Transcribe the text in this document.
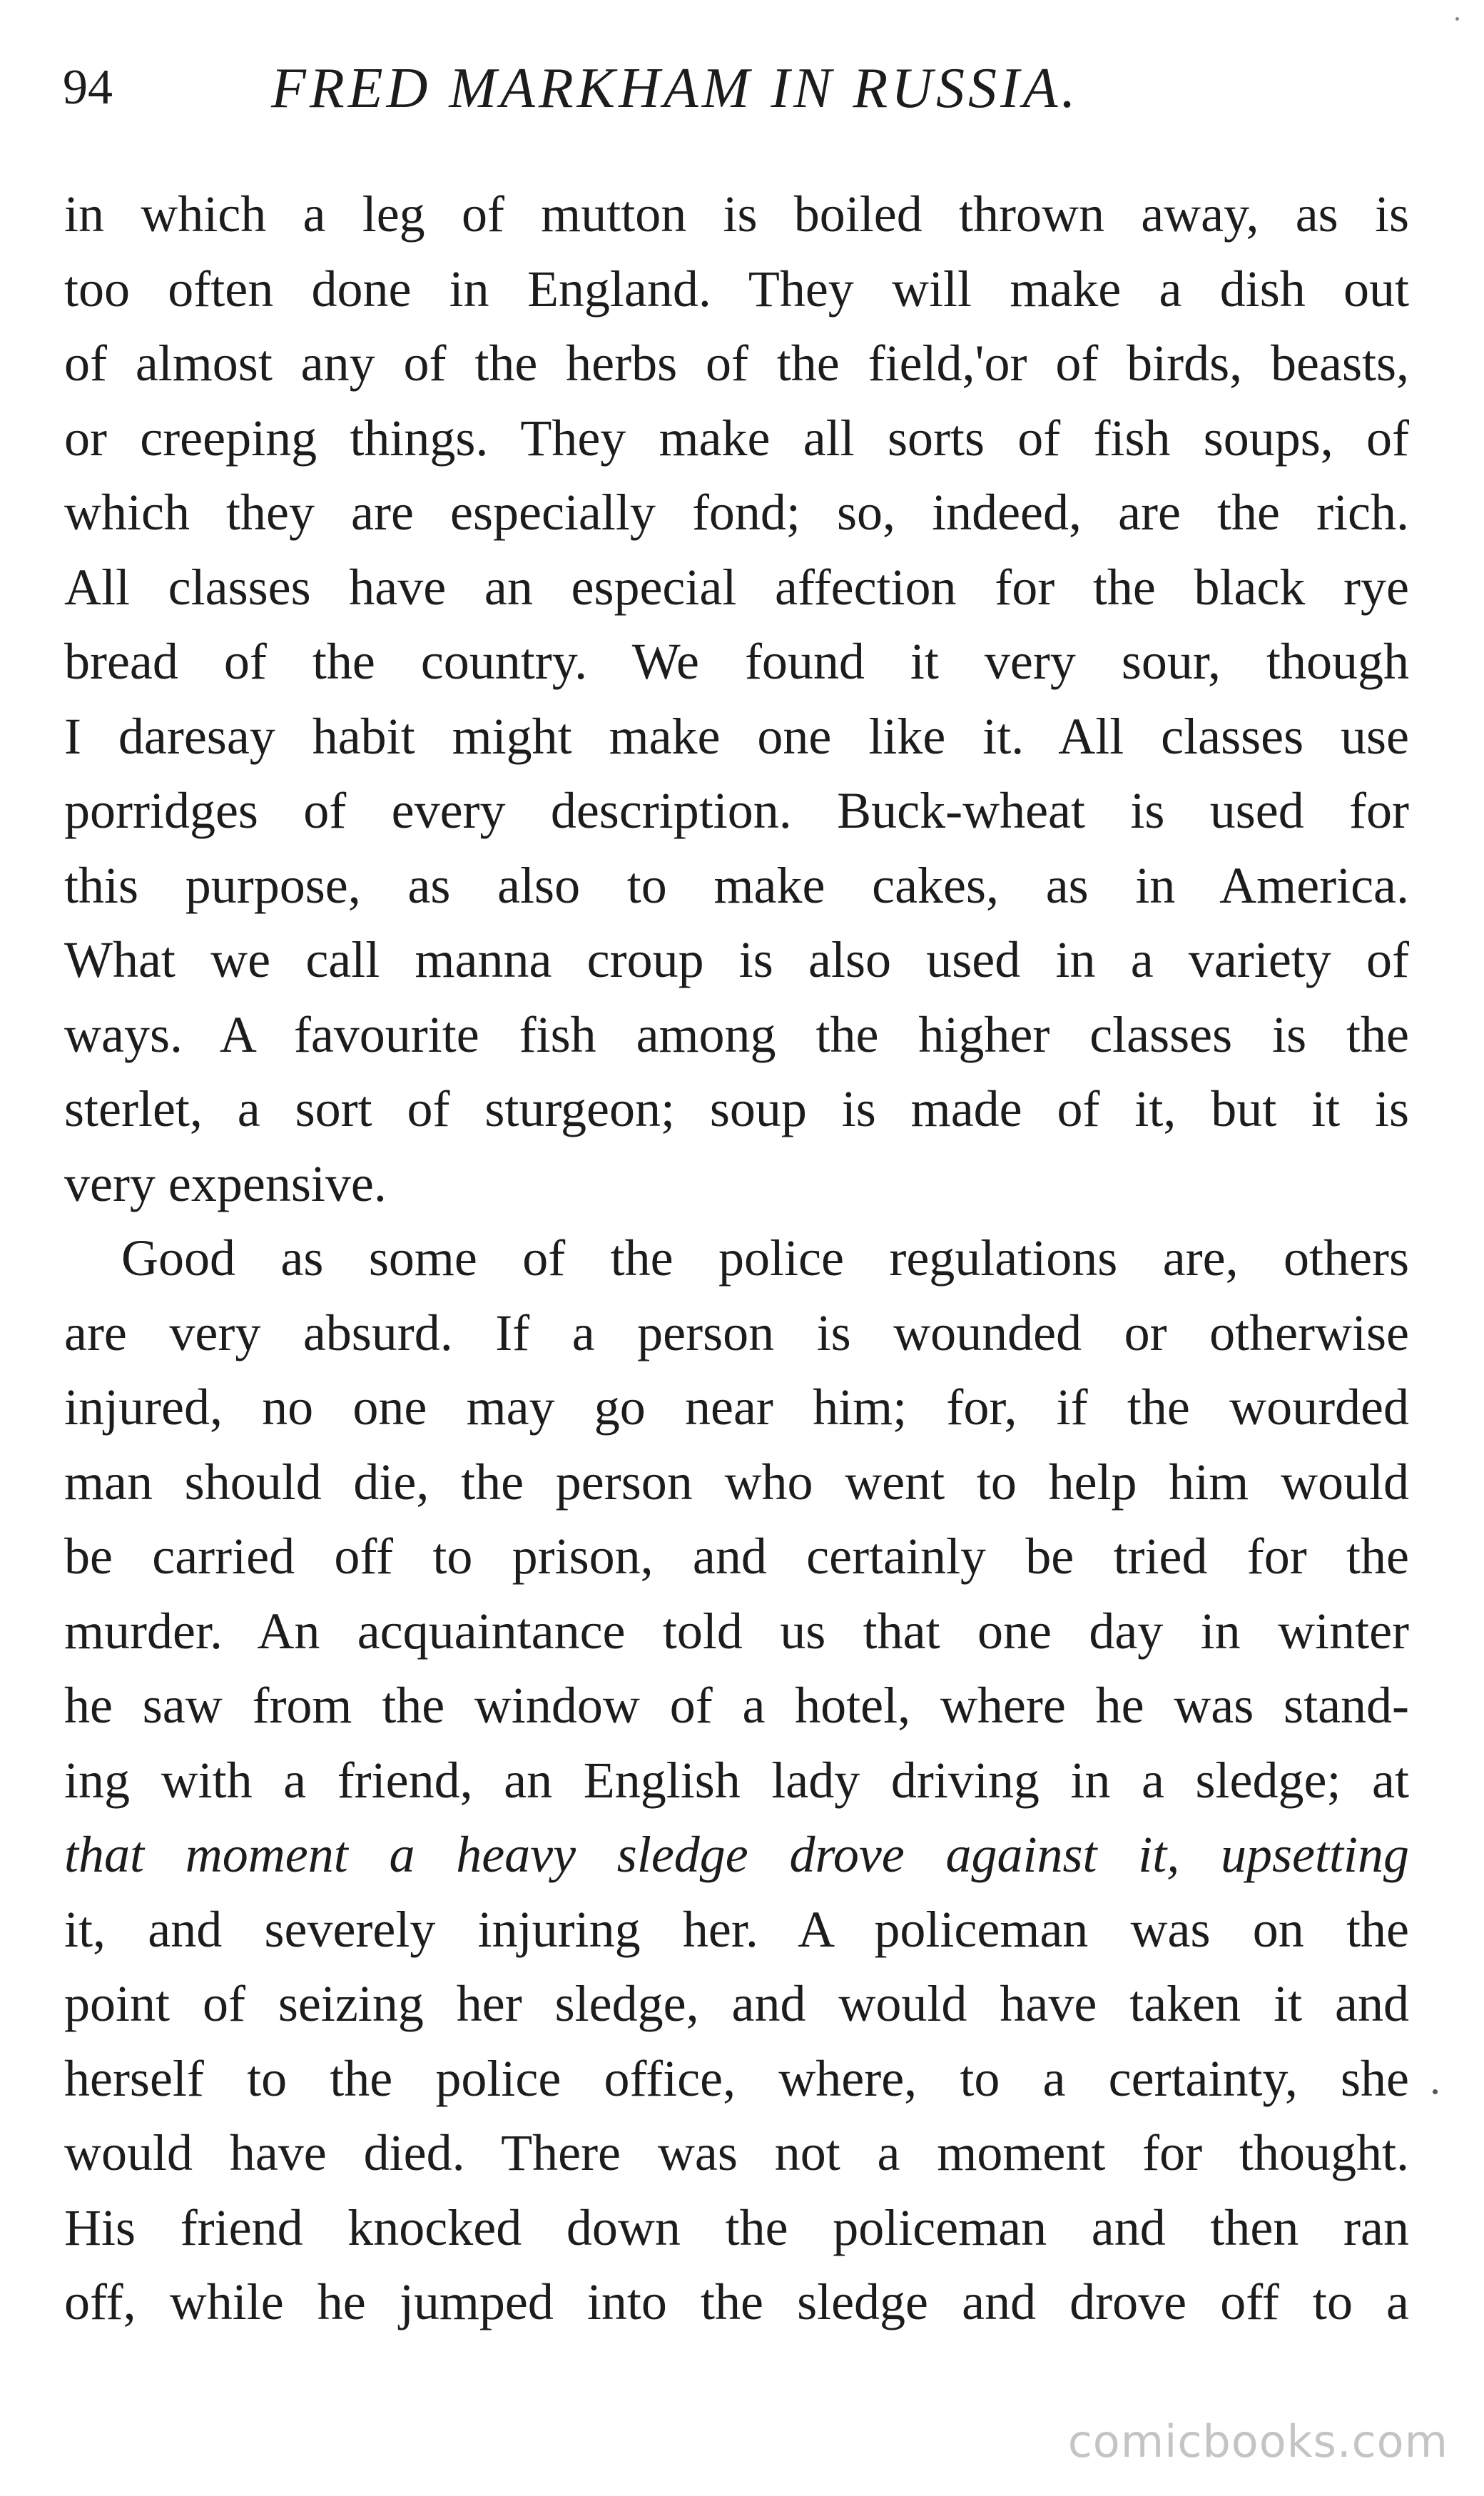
94	FRED MARKHAM IN RUSSIA.
in which a leg of mutton is boiled thrown away, as is
too often done in England. They will make a dish out
of almost any of the herbs of the field,'or of birds, beasts,
or creeping things. They make all sorts of fish soups, of
which they are especially fond; so, indeed, are the rich.
All classes have an especial affection for the black rye
bread of the country. We found it very sour, though
I daresay habit might make one like it. All classes use
porridges of every description. Buck-wheat is used for
this purpose, as also to make cakes, as in America.
What we call manna croup is also used in a variety of
ways. A favourite fish among the higher classes is the
sterlet, a sort of sturgeon; soup is made of it, but it is
very expensive.
Good as some of the police regulations are, others
are very absurd. If a person is wounded or otherwise
injured, no one may go near him; for, if the wourded
man should die, the person who went to help him would
be carried off to prison, and certainly be tried for the
murder. An acquaintance told us that one day in winter
he saw from the window of a hotel, where he was stand-
ing with a friend, an English lady driving in a sledge; at
that moment a heavy sledge drove against it, upsetting
it, and severely injuring her. A policeman was on the
point of seizing her sledge, and would have taken it and
herself to the police office, where, to a certainty, she
would have died. There was not a moment for thought.
His friend knocked down the policeman and then ran
off, while he jumped into the sledge and drove off to a
comicbooks.com
